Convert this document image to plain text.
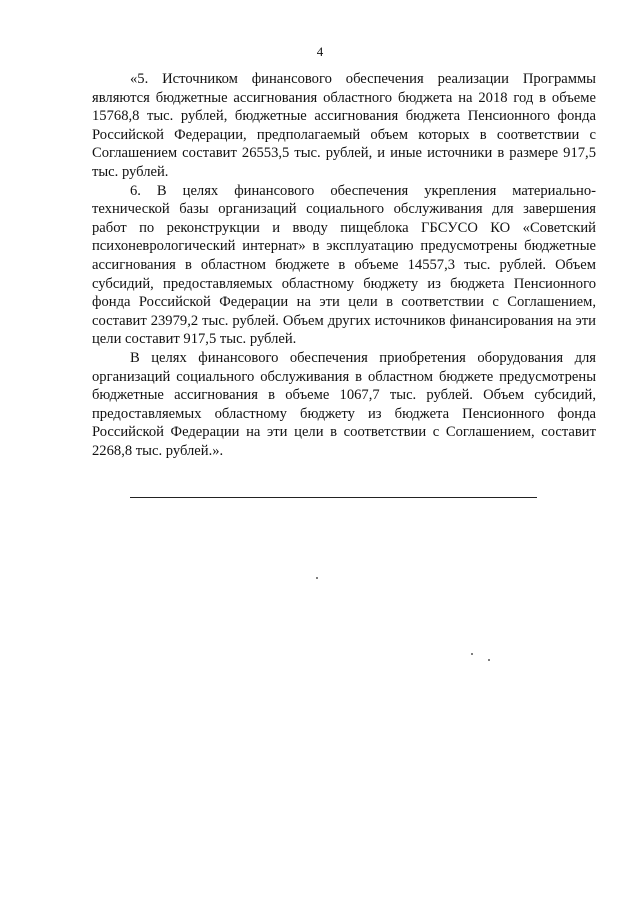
4

«5. Источником финансового обеспечения реализации Программы являются бюджетные ассигнования областного бюджета на 2018 год в объеме 15768,8 тыс. рублей, бюджетные ассигнования бюджета Пенсионного фонда Российской Федерации, предполагаемый объем которых в соответствии с Соглашением составит 26553,5 тыс. рублей, и иные источники в размере 917,5 тыс. рублей.

6. В целях финансового обеспечения укрепления материально-технической базы организаций социального обслуживания для завершения работ по реконструкции и вводу пищеблока ГБСУСО КО «Советский психоневрологический интернат» в эксплуатацию предусмотрены бюджетные ассигнования в областном бюджете в объеме 14557,3 тыс. рублей. Объем субсидий, предоставляемых областному бюджету из бюджета Пенсионного фонда Российской Федерации на эти цели в соответствии с Соглашением, составит 23979,2 тыс. рублей. Объем других источников финансирования на эти цели составит 917,5 тыс. рублей.

В целях финансового обеспечения приобретения оборудования для организаций социального обслуживания в областном бюджете предусмотрены бюджетные ассигнования в объеме 1067,7 тыс. рублей. Объем субсидий, предоставляемых областному бюджету из бюджета Пенсионного фонда Российской Федерации на эти цели в соответствии с Соглашением, составит 2268,8 тыс. рублей.».
